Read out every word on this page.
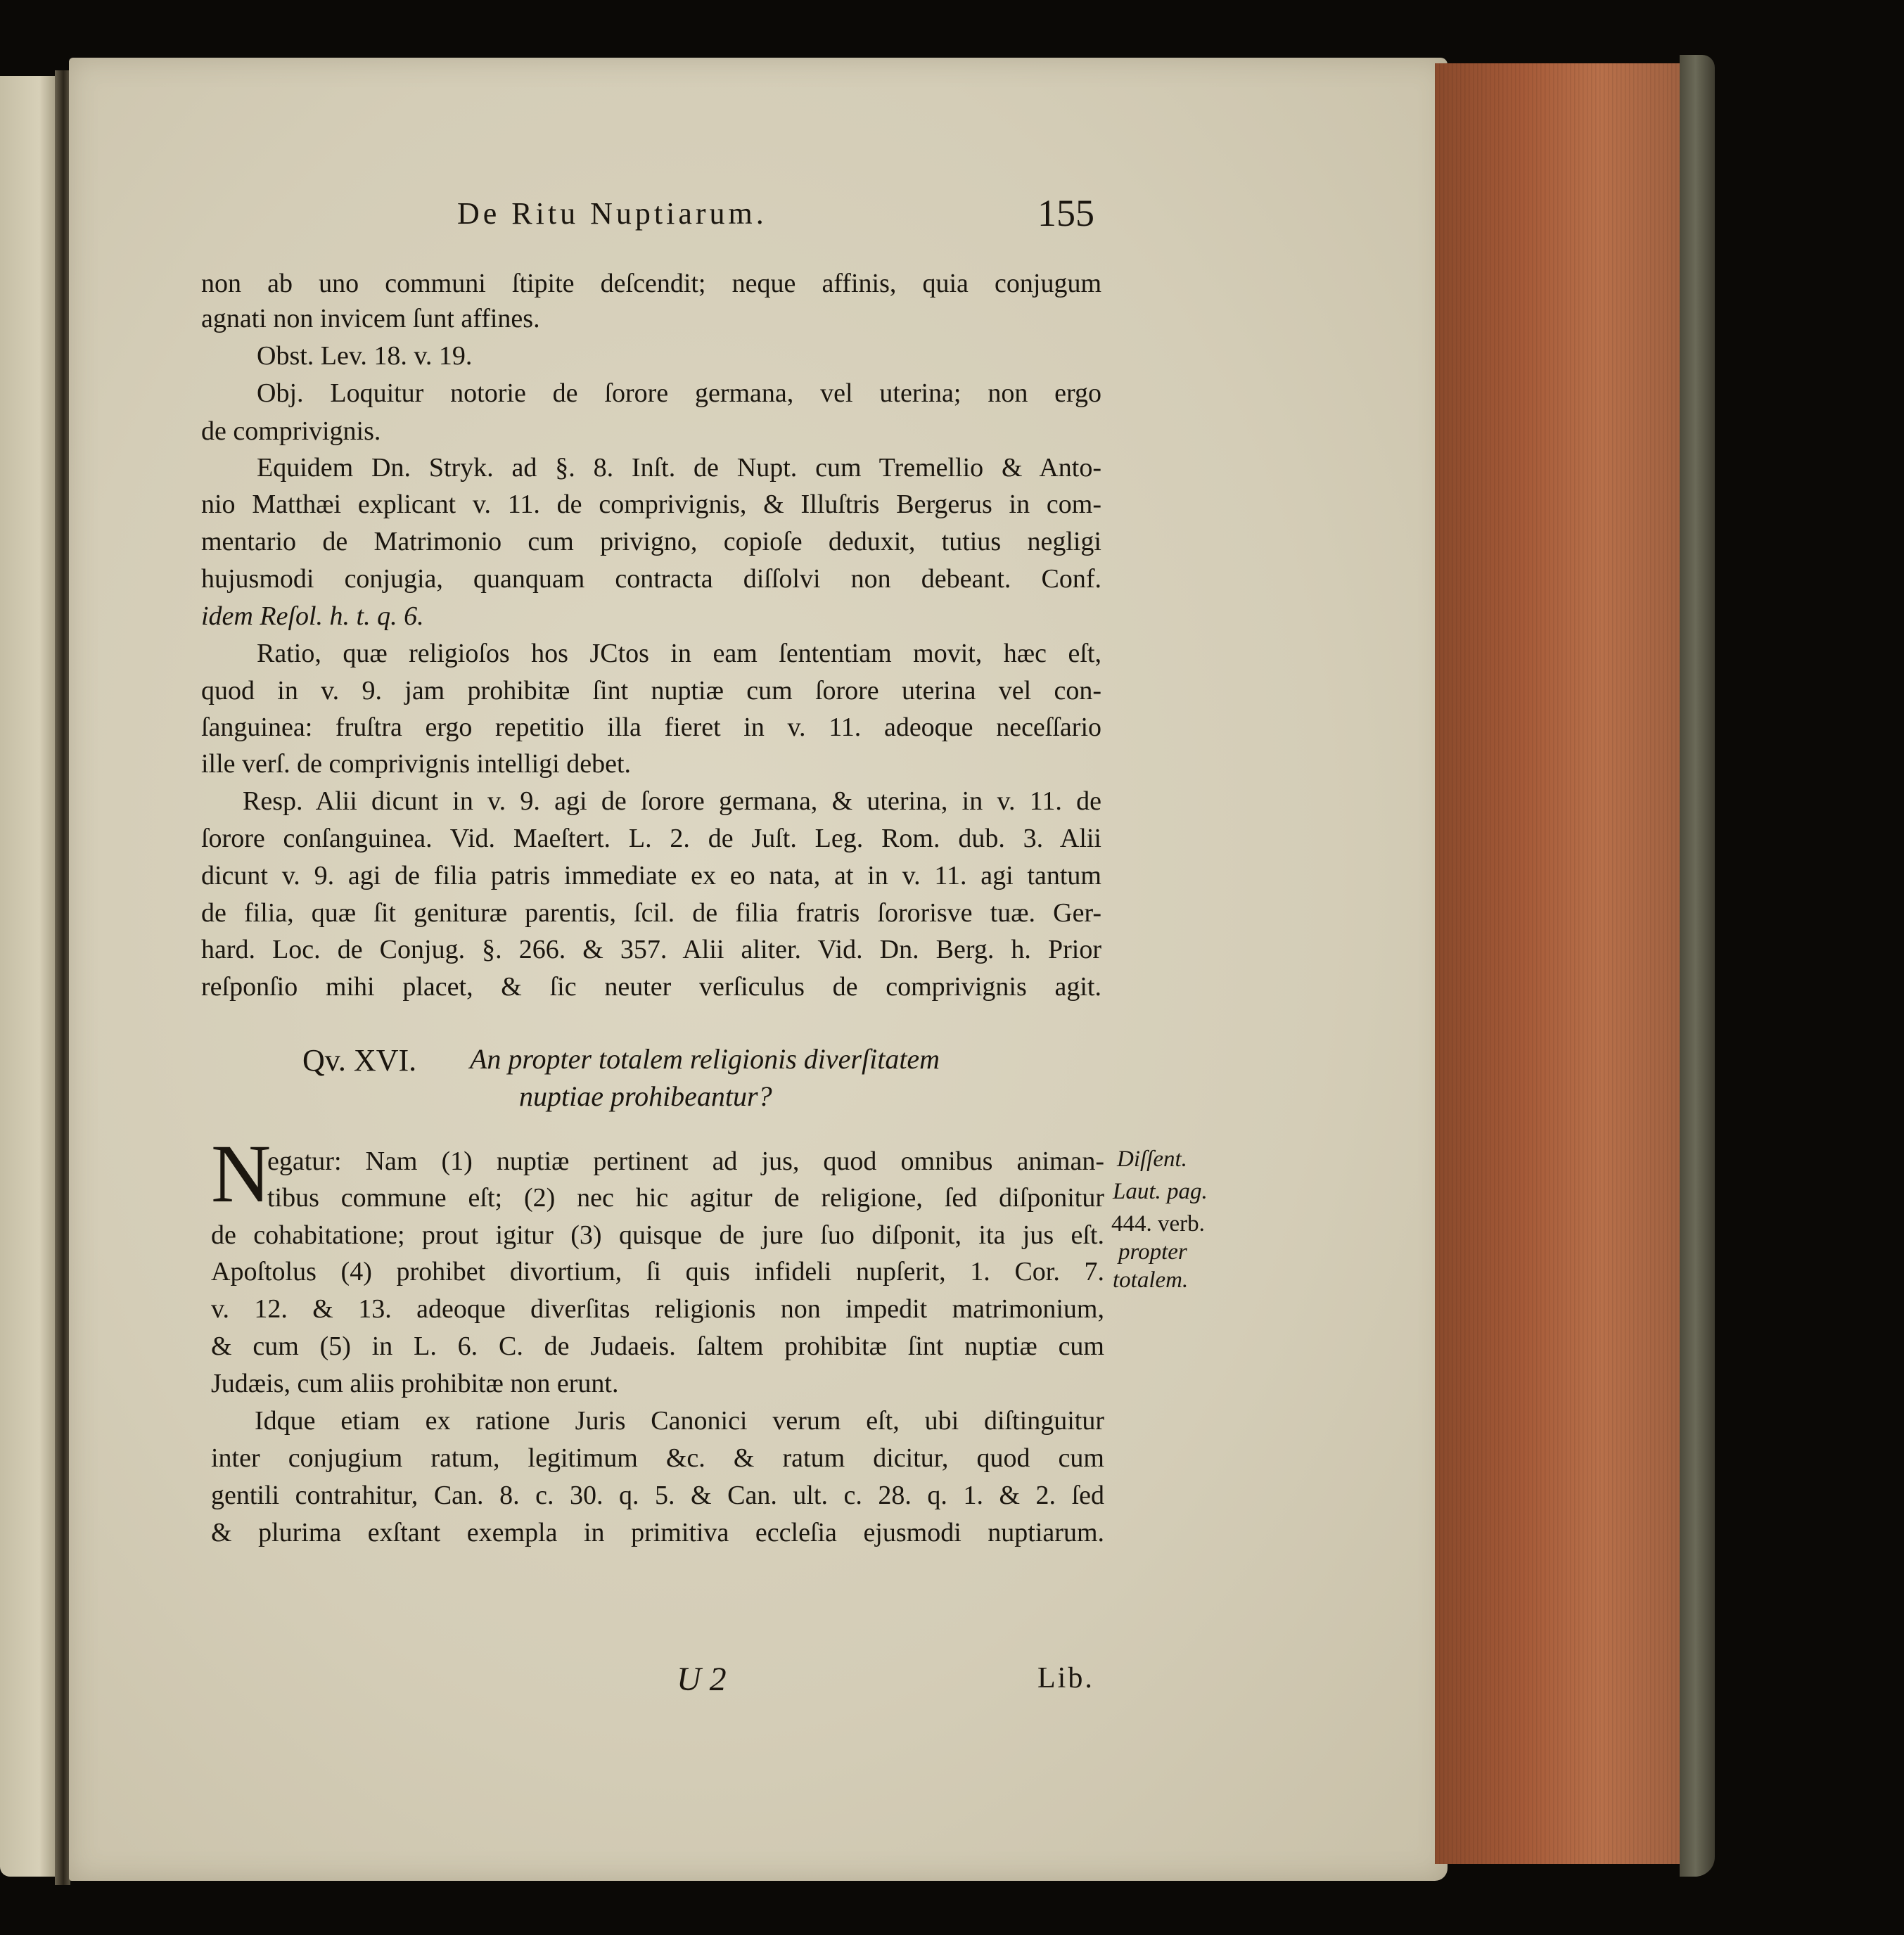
De Ritu Nuptiarum.	155
non ab uno communi ſtipite deſcendit; neque affinis, quia conjugum
agnati non invicem ſunt affines.
Obst. Lev. 18. v. 19.
Obj. Loquitur notorie de ſorore germana, vel uterina; non ergo
de comprivignis.
Equidem Dn. Stryk. ad §. 8. Inſt. de Nupt. cum Tremellio & Anto-
nio Matthæi explicant v. 11. de comprivignis, & Illuſtris Bergerus in com-
mentario de Matrimonio cum privigno, copioſe deduxit, tutius negligi
hujusmodi conjugia, quanquam contracta diſſolvi non debeant. Conf.
idem Reſol. h. t. q. 6.
Ratio, quæ religioſos hos JCtos in eam ſententiam movit, hæc eſt,
quod in v. 9. jam prohibitæ ſint nuptiæ cum ſorore uterina vel con-
ſanguinea: fruſtra ergo repetitio illa fieret in v. 11. adeoque neceſſario
ille verſ. de comprivignis intelligi debet.
Resp. Alii dicunt in v. 9. agi de ſorore germana, & uterina, in v. 11. de
ſorore conſanguinea. Vid. Maeſtert. L. 2. de Juſt. Leg. Rom. dub. 3. Alii
dicunt v. 9. agi de filia patris immediate ex eo nata, at in v. 11. agi tantum
de filia, quæ ſit genituræ parentis, ſcil. de filia fratris ſororisve tuæ. Ger-
hard. Loc. de Conjug. §. 266. & 357. Alii aliter. Vid. Dn. Berg. h. Prior
reſponſio mihi placet, & ſic neuter verſiculus de comprivignis agit.
Qv. XVI. An propter totalem religionis diverſitatem
nuptiae prohibeantur?
N
egatur: Nam (1) nuptiæ pertinent ad jus, quod omnibus animan-
tibus commune eſt; (2) nec hic agitur de religione, ſed diſponitur
de cohabitatione; prout igitur (3) quisque de jure ſuo diſponit, ita jus eſt.
Apoſtolus (4) prohibet divortium, ſi quis infideli nupſerit, 1. Cor. 7.
v. 12. & 13. adeoque diverſitas religionis non impedit matrimonium,
& cum (5) in L. 6. C. de Judaeis. ſaltem prohibitæ ſint nuptiæ cum
Judæis, cum aliis prohibitæ non erunt.
Idque etiam ex ratione Juris Canonici verum eſt, ubi diſtinguitur
inter conjugium ratum, legitimum &c. & ratum dicitur, quod cum
gentili contrahitur, Can. 8. c. 30. q. 5. & Can. ult. c. 28. q. 1. & 2. ſed
& plurima exſtant exempla in primitiva eccleſia ejusmodi nuptiarum.
Diſſent.
Laut. pag.
444. verb.
propter
totalem.
U 2	Lib.
